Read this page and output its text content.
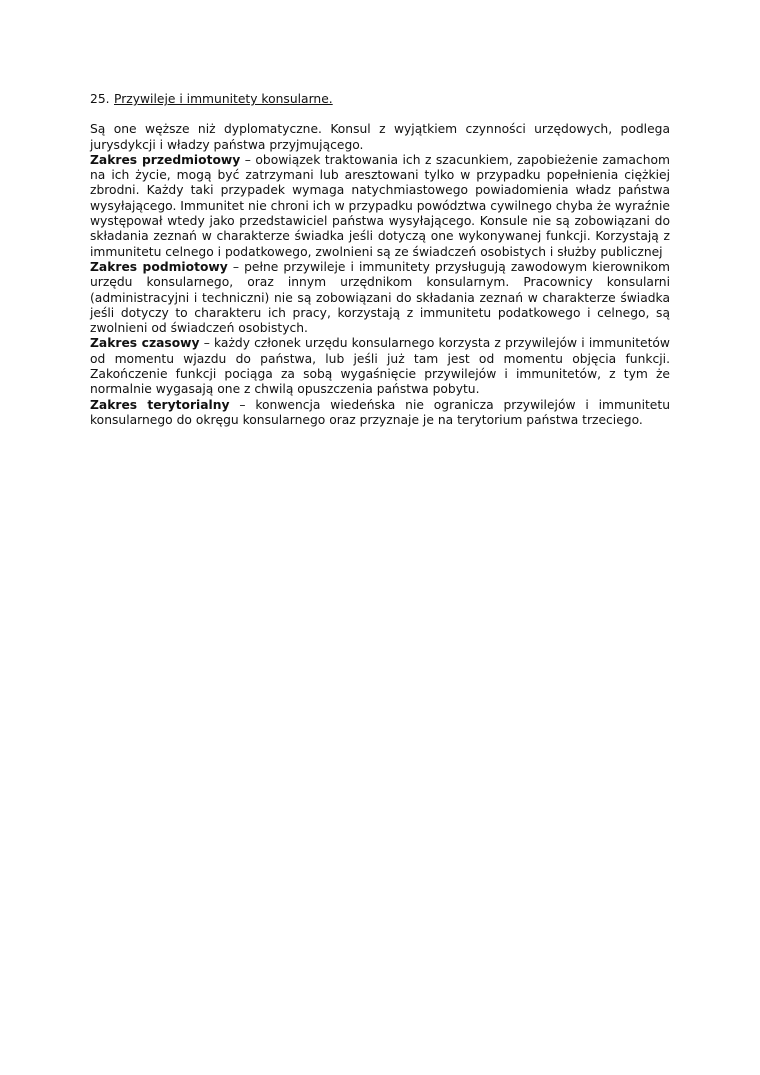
25. Przywileje i immunitety konsularne.

Są one węższe niż dyplomatyczne. Konsul z wyjątkiem czynności urzędowych, podlega jurysdykcji i władzy państwa przyjmującego.

Zakres przedmiotowy – obowiązek traktowania ich z szacunkiem, zapobieżenie zamachom na ich życie, mogą być zatrzymani lub aresztowani tylko w przypadku popełnienia ciężkiej zbrodni. Każdy taki przypadek wymaga natychmiastowego powiadomienia władz państwa wysyłającego. Immunitet nie chroni ich w przypadku powództwa cywilnego chyba że wyraźnie występował wtedy jako przedstawiciel państwa wysyłającego. Konsule nie są zobowiązani do składania zeznań w charakterze świadka jeśli dotyczą one wykonywanej funkcji. Korzystają z immunitetu celnego i podatkowego, zwolnieni są ze świadczeń osobistych i służby publicznej

Zakres podmiotowy – pełne przywileje i immunitety przysługują zawodowym kierownikom urzędu konsularnego, oraz innym urzędnikom konsularnym. Pracownicy konsularni (administracyjni i techniczni) nie są zobowiązani do składania zeznań w charakterze świadka jeśli dotyczy to charakteru ich pracy, korzystają z immunitetu podatkowego i celnego, są zwolnieni od świadczeń osobistych.

Zakres czasowy – każdy członek urzędu konsularnego korzysta z przywilejów i immunitetów od momentu wjazdu do państwa, lub jeśli już tam jest od momentu objęcia funkcji. Zakończenie funkcji pociąga za sobą wygaśnięcie przywilejów i immunitetów, z tym że normalnie wygasają one z chwilą opuszczenia państwa pobytu.

Zakres terytorialny – konwencja wiedeńska nie ogranicza przywilejów i immunitetu konsularnego do okręgu konsularnego oraz przyznaje je na terytorium państwa trzeciego.
